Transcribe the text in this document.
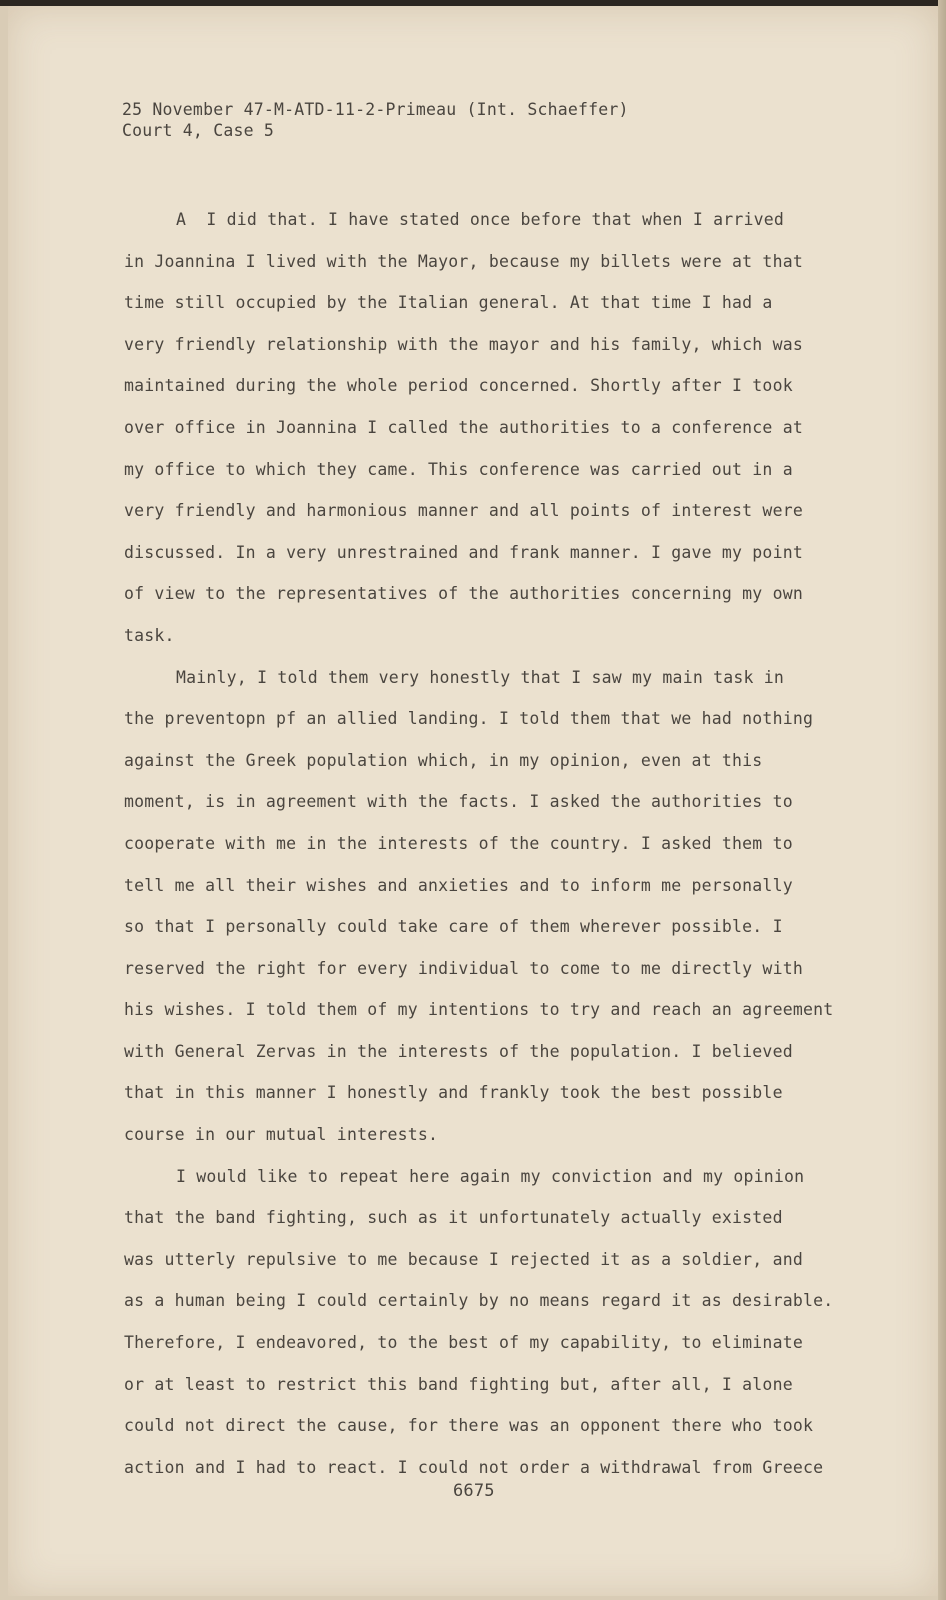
25 November 47-M-ATD-11-2-Primeau (Int. Schaeffer)
Court 4, Case 5
A  I did that. I have stated once before that when I arrived
in Joannina I lived with the Mayor, because my billets were at that
time still occupied by the Italian general. At that time I had a
very friendly relationship with the mayor and his family, which was
maintained during the whole period concerned. Shortly after I took
over office in Joannina I called the authorities to a conference at
my office to which they came. This conference was carried out in a
very friendly and harmonious manner and all points of interest were
discussed. In a very unrestrained and frank manner. I gave my point
of view to the representatives of the authorities concerning my own
task.
Mainly, I told them very honestly that I saw my main task in
the preventopn pf an allied landing. I told them that we had nothing
against the Greek population which, in my opinion, even at this
moment, is in agreement with the facts. I asked the authorities to
cooperate with me in the interests of the country. I asked them to
tell me all their wishes and anxieties and to inform me personally
so that I personally could take care of them wherever possible. I
reserved the right for every individual to come to me directly with
his wishes. I told them of my intentions to try and reach an agreement
with General Zervas in the interests of the population. I believed
that in this manner I honestly and frankly took the best possible
course in our mutual interests.
I would like to repeat here again my conviction and my opinion
that the band fighting, such as it unfortunately actually existed
was utterly repulsive to me because I rejected it as a soldier, and
as a human being I could certainly by no means regard it as desirable.
Therefore, I endeavored, to the best of my capability, to eliminate
or at least to restrict this band fighting but, after all, I alone
could not direct the cause, for there was an opponent there who took
action and I had to react. I could not order a withdrawal from Greece
6675
